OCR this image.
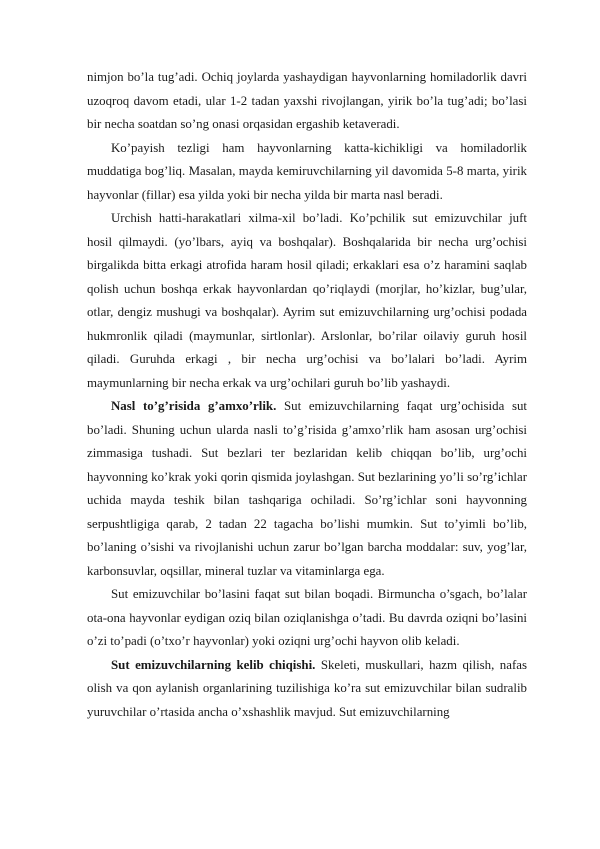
nimjon bo’la tug’adi. Ochiq joylarda yashaydigan hayvonlarning homiladorlik davri uzoqroq davom etadi, ular 1-2 tadan yaxshi rivojlangan, yirik bo’la tug’adi; bo’lasi bir necha soatdan so’ng onasi orqasidan ergashib ketaveradi.

Ko’payish tezligi ham hayvonlarning katta-kichikligi va homiladorlik muddatiga bog’liq. Masalan, mayda kemiruvchilarning yil davomida 5-8 marta, yirik hayvonlar (fillar) esa yilda yoki bir necha yilda bir marta nasl beradi.

Urchish hatti-harakatlari xilma-xil bo’ladi. Ko’pchilik sut emizuvchilar juft hosil qilmaydi. (yo’lbars, ayiq va boshqalar). Boshqalarida bir necha urg’ochisi birgalikda bitta erkagi atrofida haram hosil qiladi; erkaklari esa o’z haramini saqlab qolish uchun boshqa erkak hayvonlardan qo’riqlaydi (morjlar, ho’kizlar, bug’ular, otlar, dengiz mushugi va boshqalar). Ayrim sut emizuvchilarning urg’ochisi podada hukmronlik qiladi (maymunlar, sirtlonlar). Arslonlar, bo’rilar oilaviy guruh hosil qiladi. Guruhda erkagi , bir necha urg’ochisi va bo’lalari bo’ladi. Ayrim maymunlarning bir necha erkak va urg’ochilari guruh bo’lib yashaydi.

Nasl to’g’risida g’amxo’rlik. Sut emizuvchilarning faqat urg’ochisida sut bo’ladi. Shuning uchun ularda nasli to’g’risida g’amxo’rlik ham asosan urg’ochisi zimmasiga tushadi. Sut bezlari ter bezlaridan kelib chiqqan bo’lib, urg’ochi hayvonning ko’krak yoki qorin qismida joylashgan. Sut bezlarining yo’li so’rg’ichlar uchida mayda teshik bilan tashqariga ochiladi. So’rg’ichlar soni hayvonning serpushtligiga qarab, 2 tadan 22 tagacha bo’lishi mumkin. Sut to’yimli bo’lib, bo’laning o’sishi va rivojlanishi uchun zarur bo’lgan barcha moddalar: suv, yog’lar, karbonsuvlar, oqsillar, mineral tuzlar va vitaminlarga ega.

Sut emizuvchilar bo’lasini faqat sut bilan boqadi. Birmuncha o’sgach, bo’lalar ota-ona hayvonlar eydigan oziq bilan oziqlanishga o’tadi. Bu davrda oziqni bo’lasini o’zi to’padi (o’txo’r hayvonlar) yoki oziqni urg’ochi hayvon olib keladi.

Sut emizuvchilarning kelib chiqishi. Skeleti, muskullari, hazm qilish, nafas olish va qon aylanish organlarining tuzilishiga ko’ra sut emizuvchilar bilan sudralib yuruvchilar o’rtasida ancha o’xshashlik mavjud. Sut emizuvchilarning
